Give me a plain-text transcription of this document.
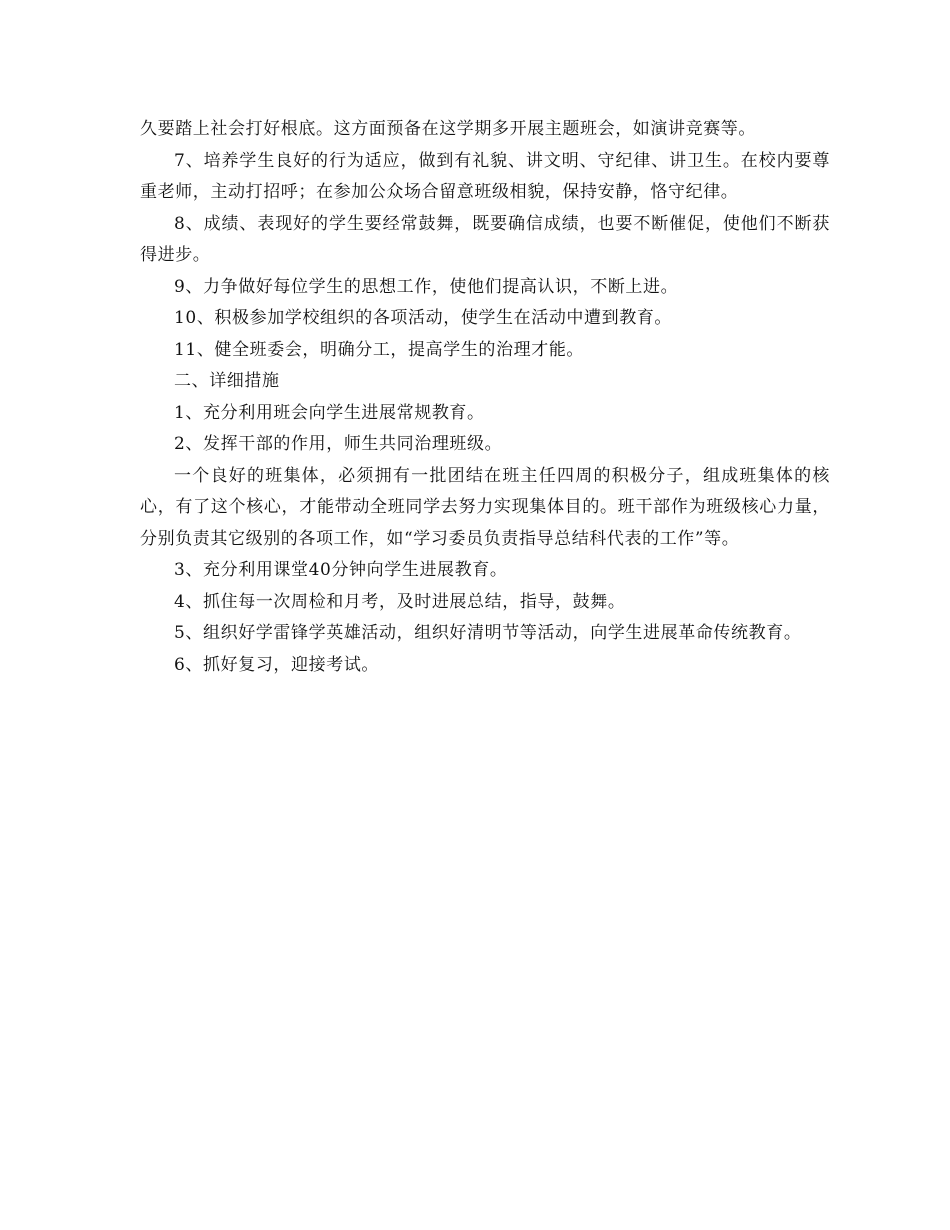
久要踏上社会打好根底。这方面预备在这学期多开展主题班会，如演讲竞赛等。

7、培养学生良好的行为适应，做到有礼貌、讲文明、守纪律、讲卫生。在校内要尊重老师，主动打招呼；在参加公众场合留意班级相貌，保持安静，恪守纪律。

8、成绩、表现好的学生要经常鼓舞，既要确信成绩，也要不断催促，使他们不断获得进步。

9、力争做好每位学生的思想工作，使他们提高认识，不断上进。

10、积极参加学校组织的各项活动，使学生在活动中遭到教育。

11、健全班委会，明确分工，提高学生的治理才能。

二、详细措施

1、充分利用班会向学生进展常规教育。

2、发挥干部的作用，师生共同治理班级。

一个良好的班集体，必须拥有一批团结在班主任四周的积极分子，组成班集体的核心，有了这个核心，才能带动全班同学去努力实现集体目的。班干部作为班级核心力量，分别负责其它级别的各项工作，如“学习委员负责指导总结科代表的工作”等。

3、充分利用课堂40分钟向学生进展教育。

4、抓住每一次周检和月考，及时进展总结，指导，鼓舞。

5、组织好学雷锋学英雄活动，组织好清明节等活动，向学生进展革命传统教育。

6、抓好复习，迎接考试。
